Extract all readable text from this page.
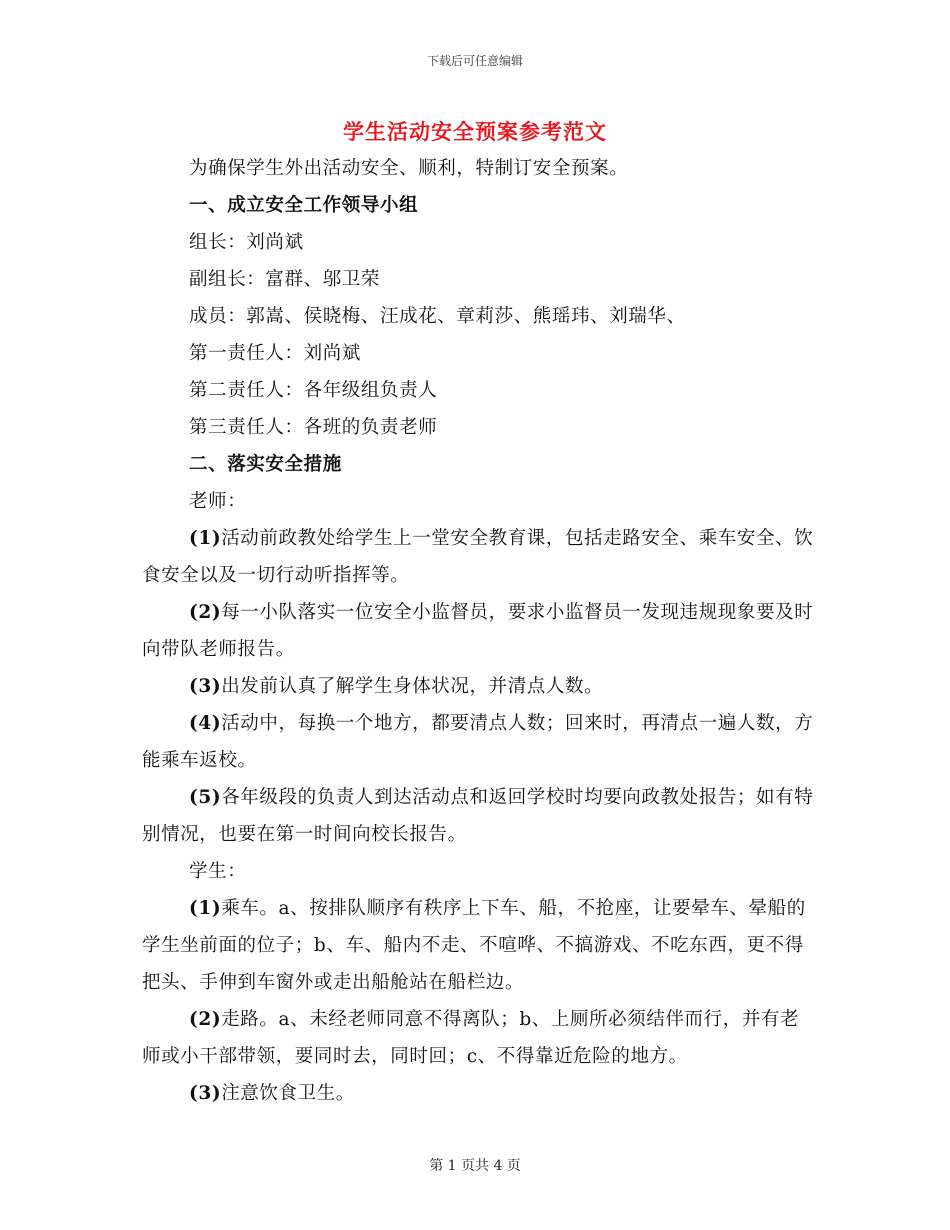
下载后可任意编辑
学生活动安全预案参考范文

为确保学生外出活动安全、顺利，特制订安全预案。

一、成立安全工作领导小组

组长：刘尚斌

副组长：富群、邬卫荣

成员：郭嵩、侯晓梅、汪成花、章莉莎、熊瑶玮、刘瑞华、

第一责任人：刘尚斌

第二责任人：各年级组负责人

第三责任人：各班的负责老师

二、落实安全措施

老师：

(1)活动前政教处给学生上一堂安全教育课，包括走路安全、乘车安全、饮食安全以及一切行动听指挥等。

(2)每一小队落实一位安全小监督员，要求小监督员一发现违规现象要及时向带队老师报告。

(3)出发前认真了解学生身体状况，并清点人数。

(4)活动中，每换一个地方，都要清点人数；回来时，再清点一遍人数，方能乘车返校。

(5)各年级段的负责人到达活动点和返回学校时均要向政教处报告；如有特别情况，也要在第一时间向校长报告。

学生：

(1)乘车。a、按排队顺序有秩序上下车、船，不抢座，让要晕车、晕船的学生坐前面的位子；b、车、船内不走、不喧哗、不搞游戏、不吃东西，更不得把头、手伸到车窗外或走出船舱站在船栏边。

(2)走路。a、未经老师同意不得离队；b、上厕所必须结伴而行，并有老师或小干部带领，要同时去，同时回；c、不得靠近危险的地方。

(3)注意饮食卫生。

第 1 页共 4 页
